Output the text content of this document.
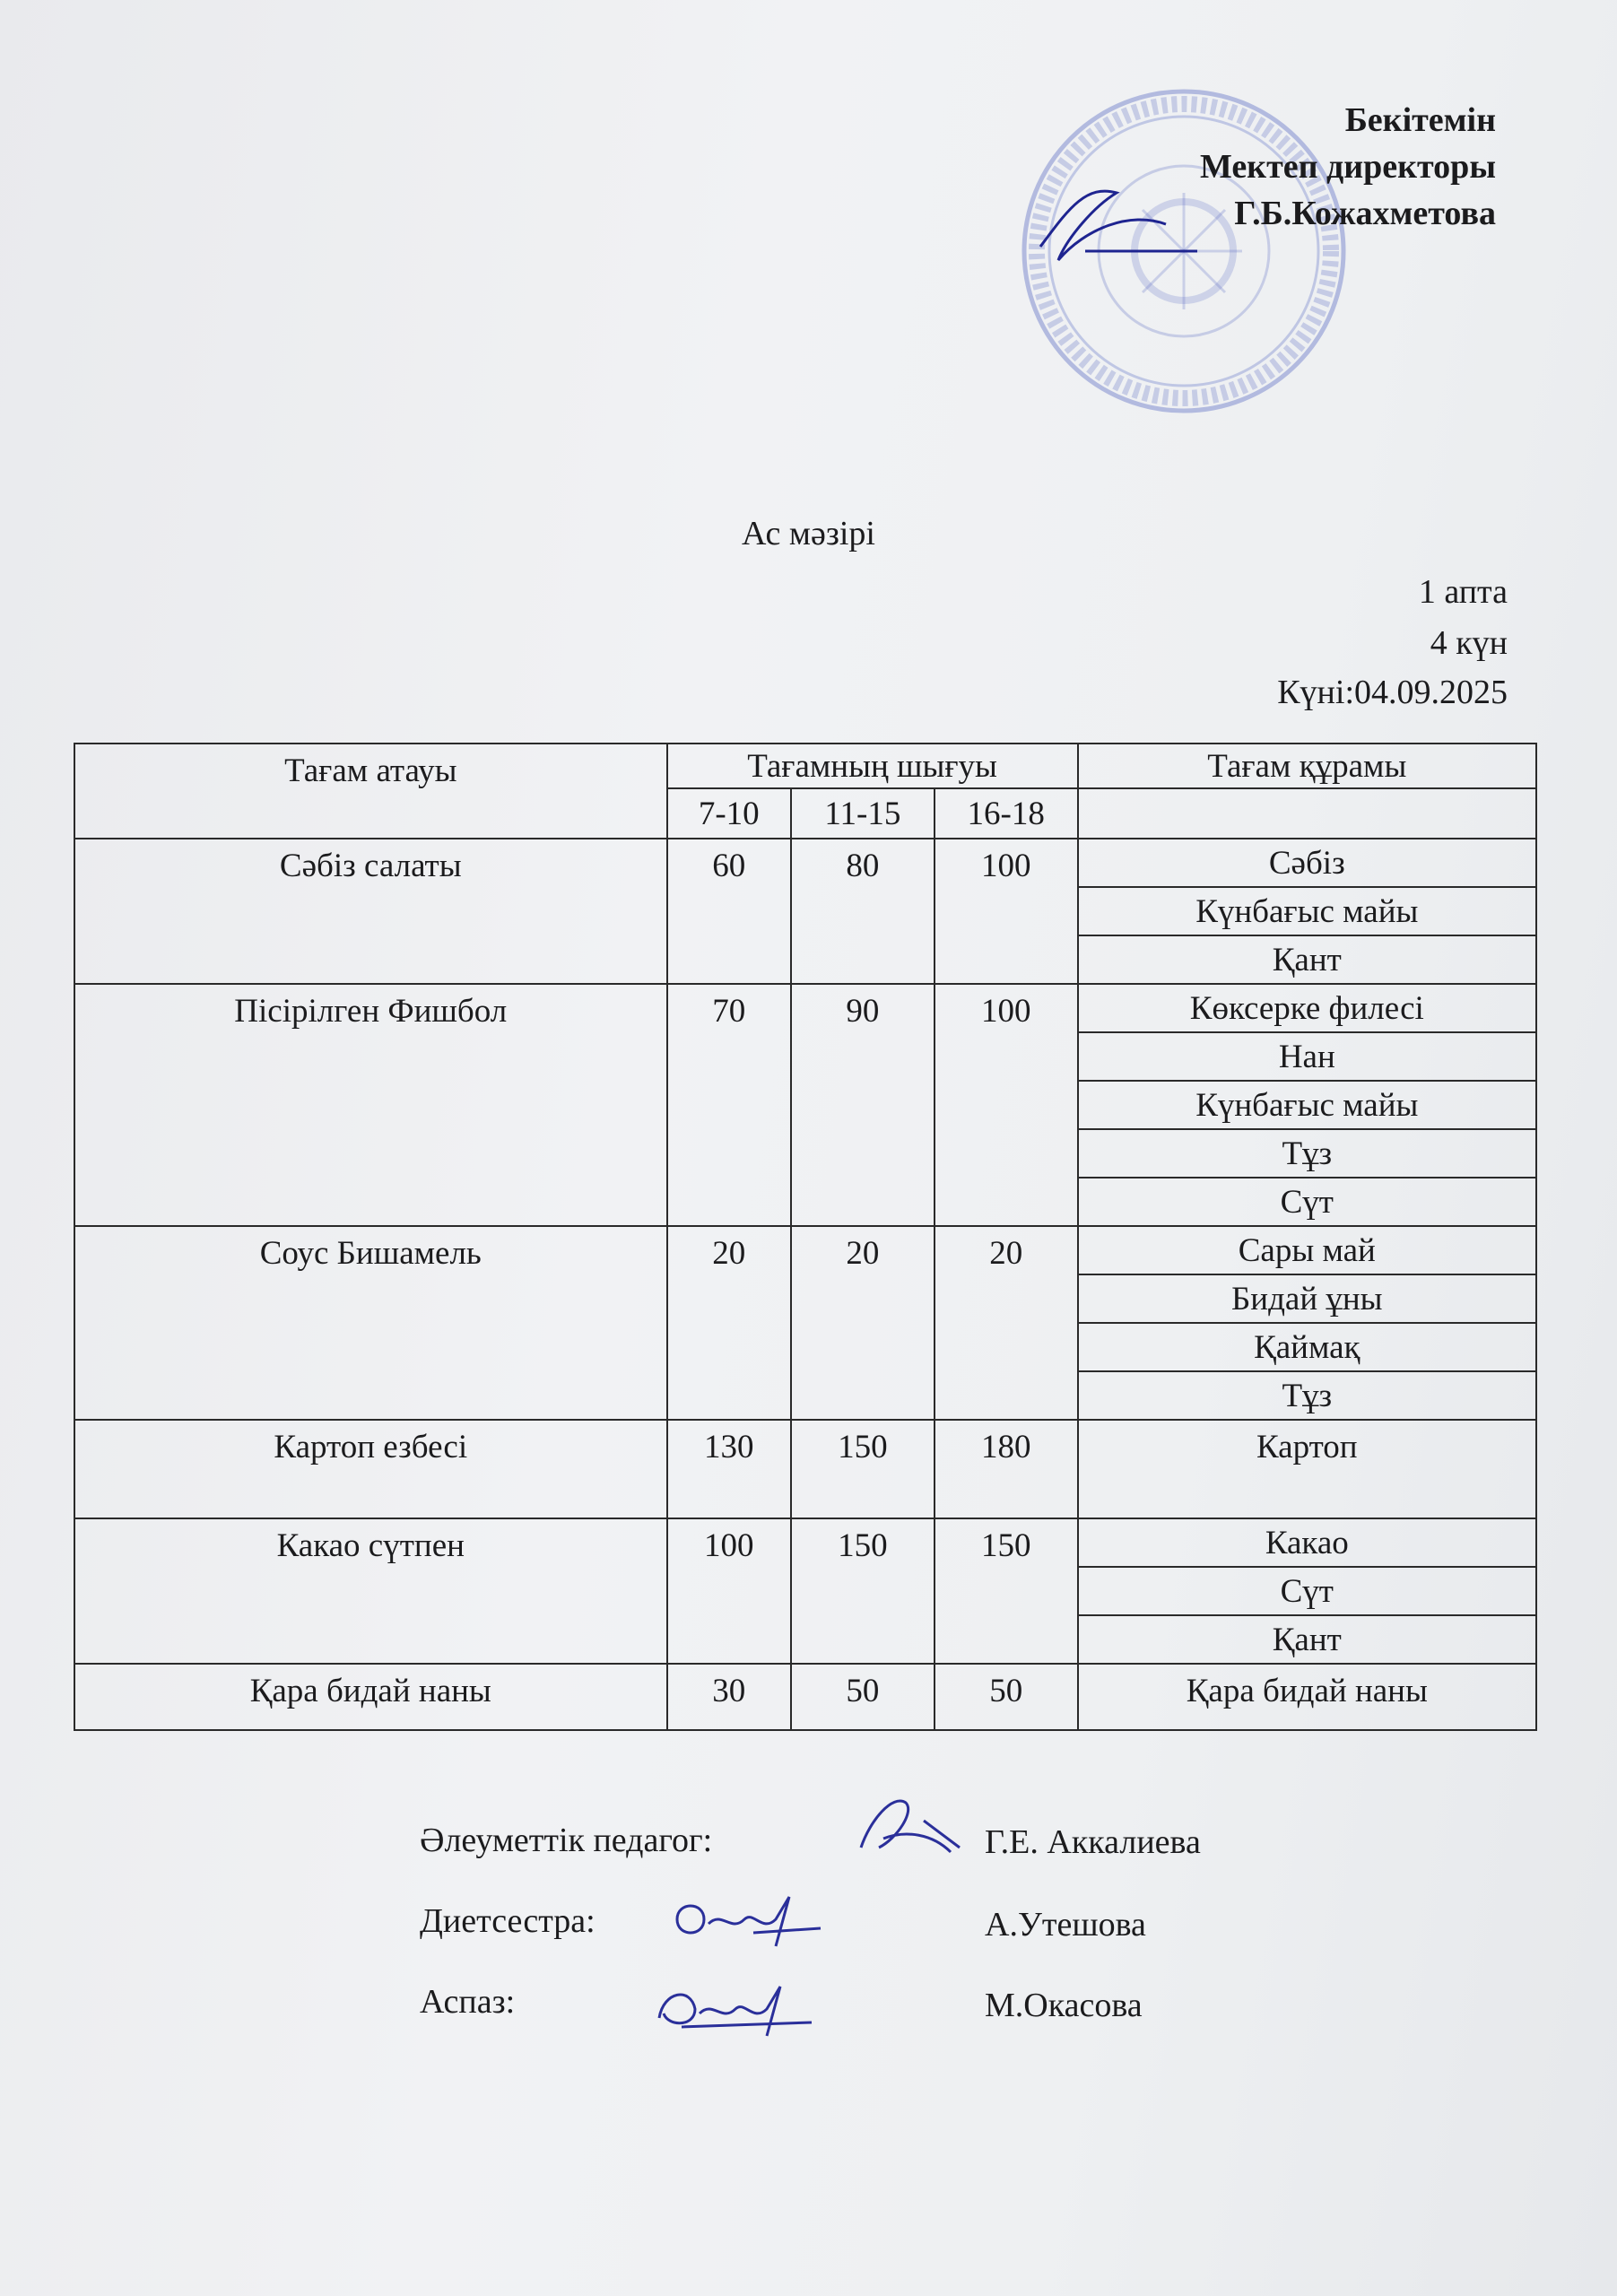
Бекітемін
Мектеп директоры
Г.Б.Кожахметова
Ас мәзірі
1 апта
4 күн
Күні:04.09.2025
Тағам атауы	Тағамның шығуы			Тағам құрамы
	7-10	11-15	16-18	
Сәбіз салаты	60	80	100	Сәбіз
				Күнбағыс майы
				Қант
Пісірілген Фишбол	70	90	100	Көксерке филесі
				Нан
				Күнбағыс майы
				Тұз
				Сүт
Соус Бишамель	20	20	20	Сары май
				Бидай ұны
				Қаймақ
				Тұз
Картоп езбесі	130	150	180	Картоп
Какао сүтпен	100	150	150	Какао
				Сүт
				Қант
Қара бидай наны	30	50	50	Қара бидай наны
Әлеуметтік педагог:
Диетсестра:
Аспаз:
Г.Е. Аккалиева
А.Утешова
М.Окасова
